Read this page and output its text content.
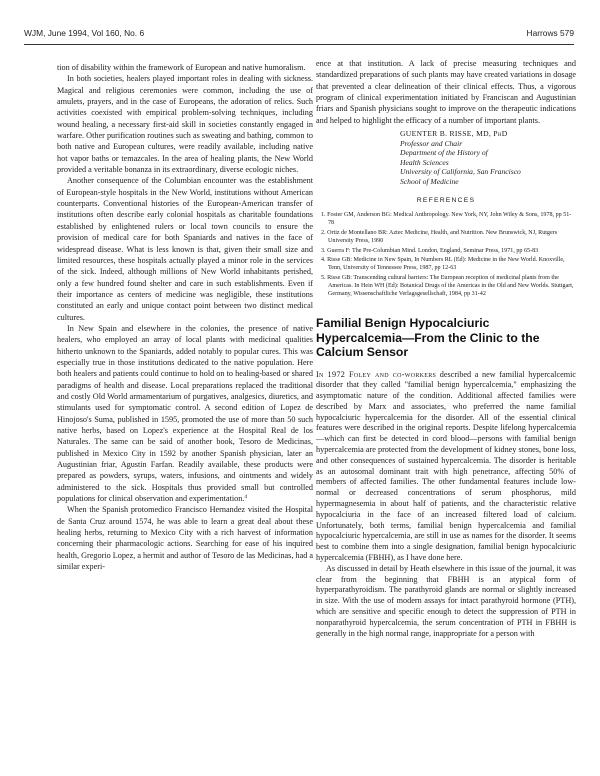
WJM, June 1994, Vol 160, No. 6	Harrows 579

tion of disability within the framework of European and native humoralism.

In both societies, healers played important roles in dealing with sickness. Magical and religious ceremonies were common, including the use of amulets, prayers, and in the case of Europeans, the adoration of relics. Such activities coexisted with empirical problem-solving techniques, including wound healing, a necessary first-aid skill in societies constantly engaged in warfare. Other purification routines such as sweating and bathing, common to both native and European cultures, were readily available, including native hot vapor baths or temazcales. In the area of healing plants, the New World provided a veritable bonanza in its extraordinary, diverse ecologic niches.

Another consequence of the Columbian encounter was the establishment of European-style hospitals in the New World, institutions without American counterparts. Conventional histories of the European-American transfer of institutions often describe early colonial hospitals as charitable foundations established by enlightened rulers or local town councils to ensure the provision of medical care for both Spaniards and natives in the face of widespread disease. What is less known is that, given their small size and limited resources, these hospitals actually played a minor role in the services of the sick. Indeed, although millions of New World inhabitants perished, only a few hundred found shelter and care in such establishments. Even if their importance as centers of medicine was negligible, these institutions constituted an early and unique contact point between two distinct medical cultures.

In New Spain and elsewhere in the colonies, the presence of native healers, who employed an array of local plants with medicinal qualities hitherto unknown to the Spaniards, added notably to popular cures. This was especially true in those institutions dedicated to the native population. Here both healers and patients could continue to hold on to healing-based or shared paradigms of health and disease. Local preparations replaced the traditional and costly Old World armamentarium of purgatives, analgesics, diuretics, and stimulants used for symptomatic control. A second edition of Lopez de Hinojoso's Suma, published in 1595, promoted the use of more than 50 such native herbs, based on Lopez's experience at the Hospital Real de los Naturales. The same can be said of another book, Tesoro de Medicinas, published in Mexico City in 1592 by another Spanish physician, later an Augustinian friar, Agustin Farfan. Readily available, these products were prepared as powders, syrups, waters, infusions, and ointments and widely administered to the sick. Hospitals thus provided small but controlled populations for clinical observation and experimentation.$^4$

When the Spanish protomedico Francisco Hernandez visited the Hospital de Santa Cruz around 1574, he was able to learn a great deal about these healing herbs, returning to Mexico City with a rich harvest of information concerning their pharmacologic actions. Searching for ease of his inquired health, Gregorio Lopez, a hermit and author of Tesoro de las Medicinas, had a similar experi-

ence at that institution. A lack of precise measuring techniques and standardized preparations of such plants may have created variations in dosage that prevented a clear delineation of their clinical effects. Thus, a vigorous program of clinical experimentation initiated by Franciscan and Augustinian friars and Spanish physicians sought to improve on the therapeutic indications and helped to highlight the efficacy of a number of important plants.

GUENTER B. RISSE, MD, PhD
Professor and Chair
Department of the History of
Health Sciences
University of California, San Francisco
School of Medicine
REFERENCES
1. Foster GM, Anderson BG: Medical Anthropology. New York, NY, John Wiley & Sons, 1978, pp 51-78
2. Ortiz de Montellano BR: Aztec Medicine, Health, and Nutrition. New Brunswick, NJ, Rutgers University Press, 1990
3. Guerra F: The Pre-Columbian Mind. London, England, Seminar Press, 1971, pp 65-83
4. Risse GB: Medicine in New Spain, In Numbers RL (Ed): Medicine in the New World. Knoxville, Tenn, University of Tennessee Press, 1987, pp 12-63
5. Risse GB: Transcending cultural barriers: The European reception of medicinal plants from the Americas. In Hein WH (Ed): Botanical Drugs of the Americas in the Old and New Worlds. Stuttgart, Germany, Wissenschaftliche Verlagsgesellschaft, 1984, pp 31-42
Familial Benign Hypocalciuric Hypercalcemia—From the Clinic to the Calcium Sensor

In 1972 Foley and co-workers described a new familial hypercalcemic disorder that they called "familial benign hypercalcemia," emphasizing the asymptomatic nature of the condition. Additional affected families were described by Marx and associates, who preferred the name familial hypocalciuric hypercalcemia for the disorder. All of the essential clinical features were described in the original reports. Despite lifelong hypercalcemia—which can first be detected in cord blood—persons with familial benign hypercalcemia are protected from the development of kidney stones, bone loss, and other consequences of sustained hypercalcemia. The disorder is heritable as an autosomal dominant trait with high penetrance, affecting 50% of members of affected families. The other fundamental features include low-normal or decreased concentrations of serum phosphorus, mild hypermagnesemia in about half of patients, and the characteristic relative hypocalciuria in the face of an increased filtered load of calcium. Unfortunately, both terms, familial benign hypercalcemia and familial hypocalciuric hypercalcemia, are still in use as names for the disorder. It seems best to combine them into a single designation, familial benign hypocalciuric hypercalcemia (FBHH), as I have done here.

As discussed in detail by Heath elsewhere in this issue of the journal, it was clear from the beginning that FBHH is an atypical form of hyperparathyroidism. The parathyroid glands are normal or slightly increased in size. With the use of modern assays for intact parathyroid hormone (PTH), which are sensitive and specific enough to detect the suppression of PTH in nonparathyroid hypercalcemia, the serum concentration of PTH in FBHH is generally in the high normal range, inappropriate for a person with
